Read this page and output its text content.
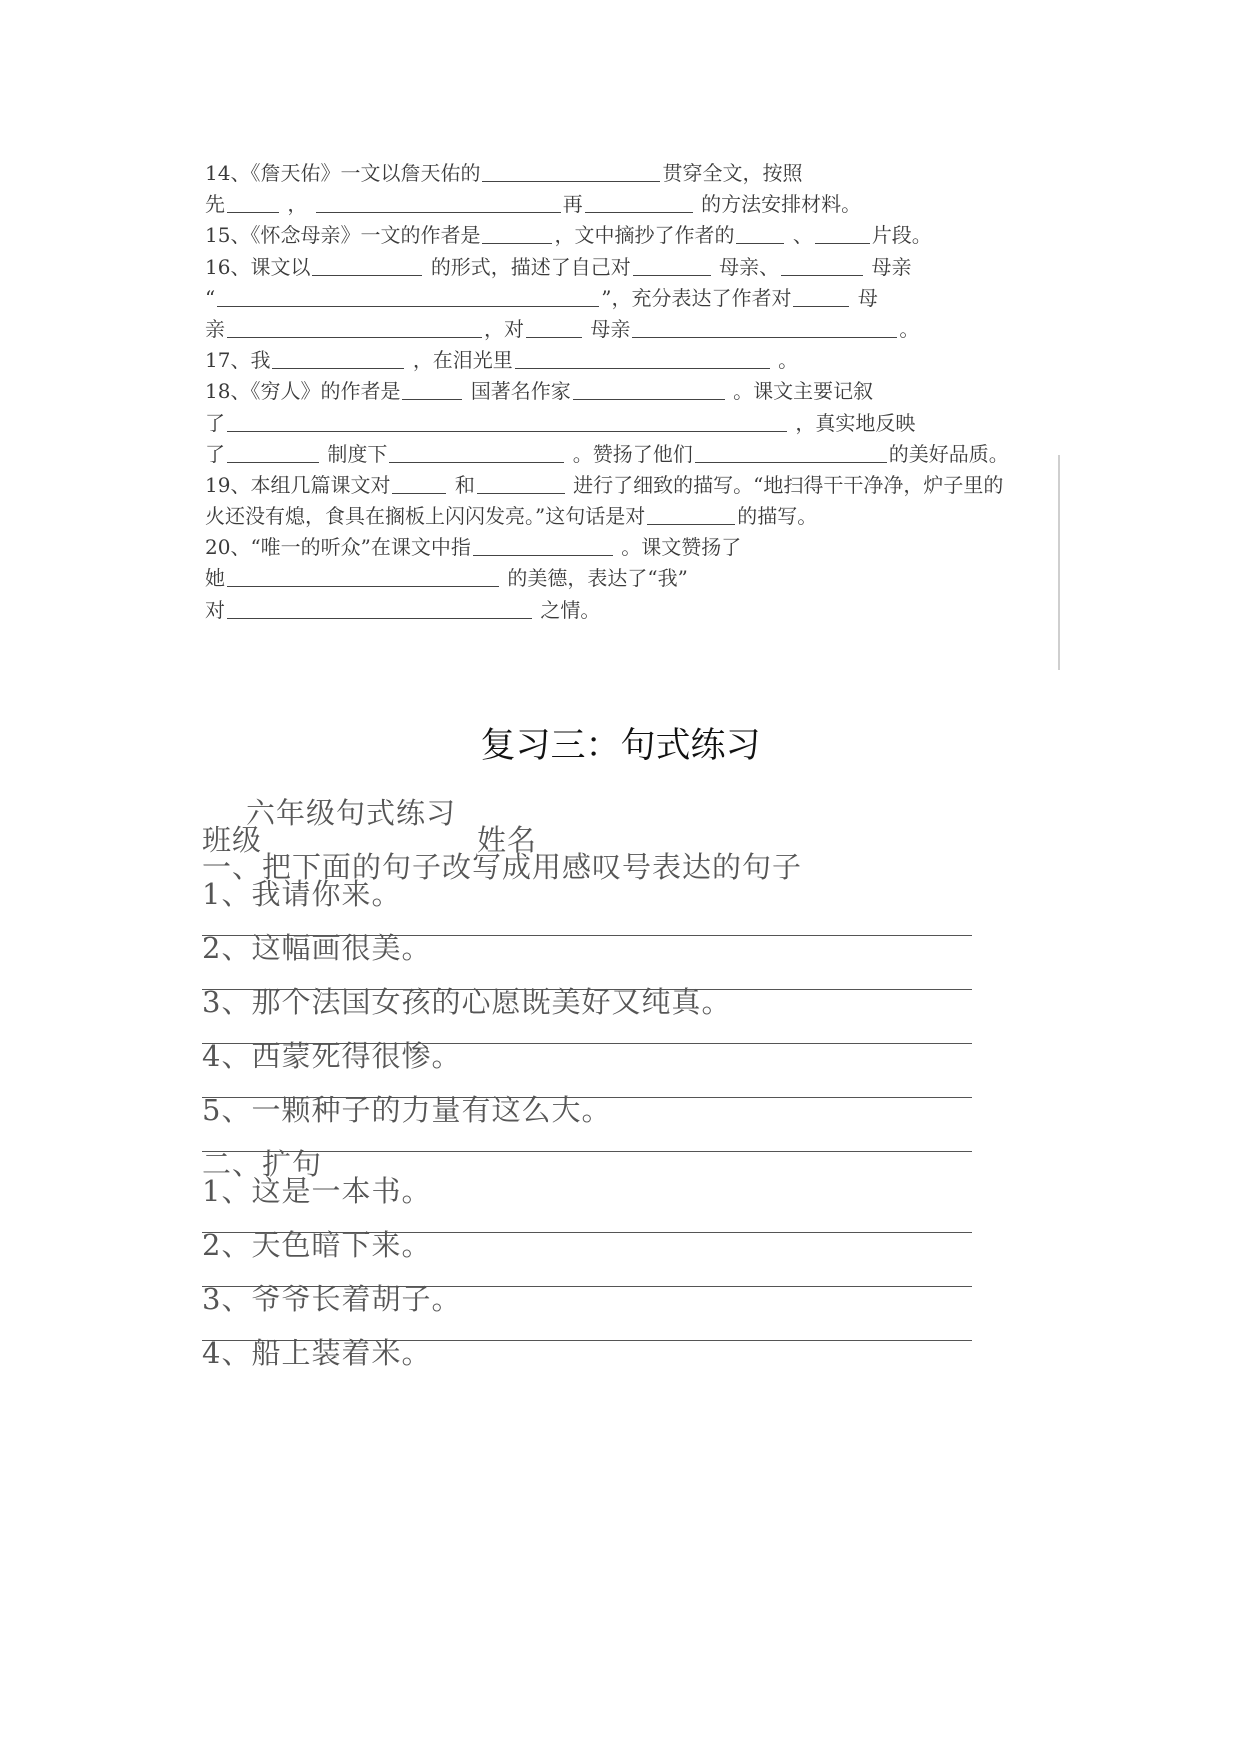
14、《詹天佑》一文以詹天佑的	贯穿全文，按照
先	，	再	的方法安排材料。
15、《怀念母亲》一文的作者是	，文中摘抄了作者的	、	片段。
16、课文以	的形式，描述了自己对	母亲、	母亲
“	”，充分表达了作者对	母
亲	，对	母亲	。
17、我	，在泪光里	。
18、《穷人》的作者是	国著名作家	。课文主要记叙
了	，真实地反映
了	制度下	。赞扬了他们	的美好品质。
19、本组几篇课文对	和	进行了细致的描写。“地扫得干干净净，炉子里的
火还没有熄，食具在搁板上闪闪发亮。”这句话是对	的描写。
20、“唯一的听众”在课文中指	。课文赞扬了
她	的美德，表达了“我”
对	之情。
复习三：句式练习
六年级句式练习
班级	姓名
一、把下面的句子改写成用感叹号表达的句子
1、我请你来。
2、这幅画很美。
3、那个法国女孩的心愿既美好又纯真。
4、西蒙死得很惨。
5、一颗种子的力量有这么大。
二、扩句
1、这是一本书。
2、天色暗下来。
3、爷爷长着胡子。
4、船上装着米。
